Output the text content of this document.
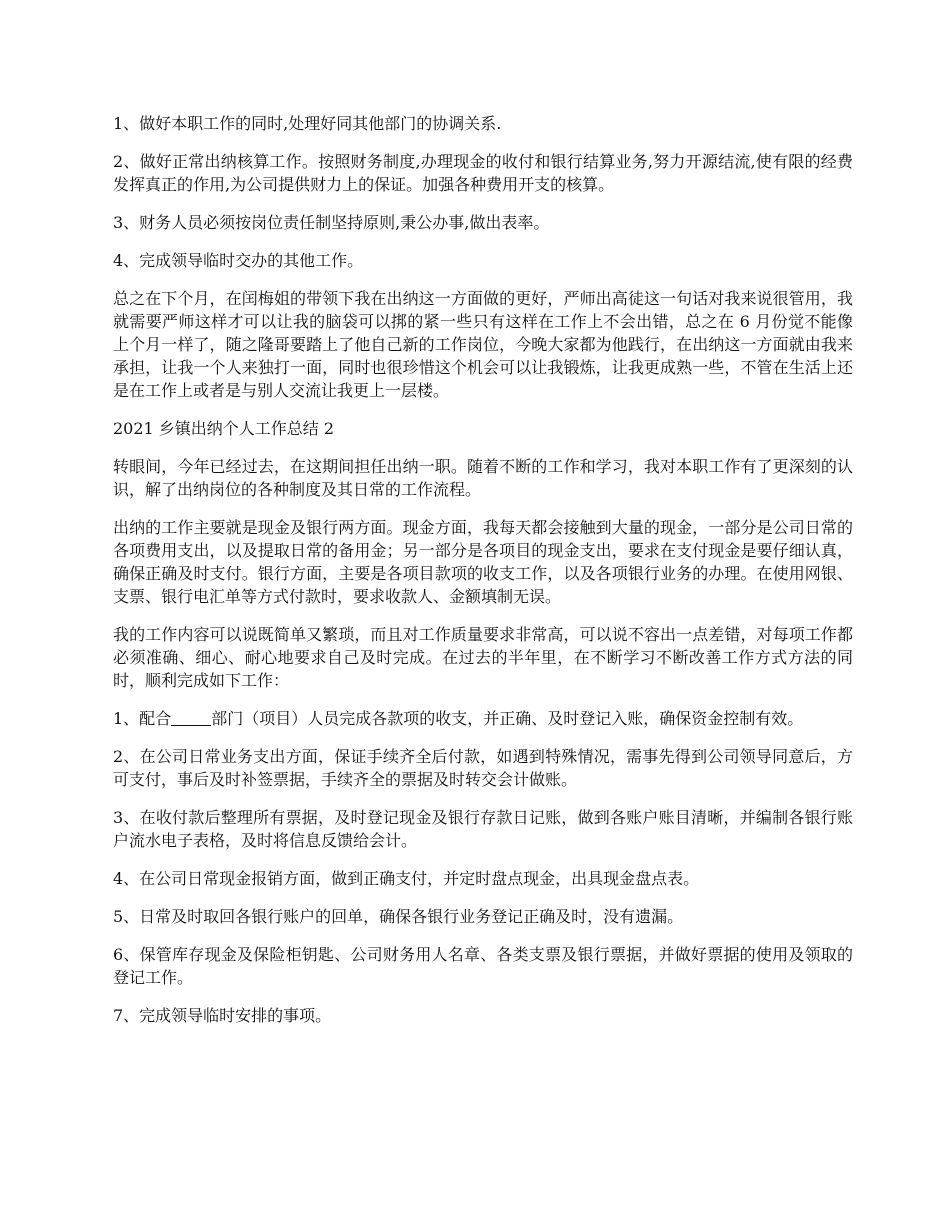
1、做好本职工作的同时,处理好同其他部门的协调关系.

2、做好正常出纳核算工作。按照财务制度,办理现金的收付和银行结算业务,努力开源结流,使有限的经费发挥真正的作用,为公司提供财力上的保证。加强各种费用开支的核算。

3、财务人员必须按岗位责任制坚持原则,秉公办事,做出表率。

4、完成领导临时交办的其他工作。

总之在下个月，在闰梅姐的带领下我在出纳这一方面做的更好，严师出高徒这一句话对我来说很管用，我就需要严师这样才可以让我的脑袋可以挷的紧一些只有这样在工作上不会出错，总之在 6 月份觉不能像上个月一样了，随之隆哥要踏上了他自己新的工作岗位，今晚大家都为他践行，在出纳这一方面就由我来承担，让我一个人来独打一面，同时也很珍惜这个机会可以让我锻炼，让我更成熟一些，不管在生活上还是在工作上或者是与别人交流让我更上一层楼。

2021 乡镇出纳个人工作总结 2

转眼间，今年已经过去，在这期间担任出纳一职。随着不断的工作和学习，我对本职工作有了更深刻的认识，解了出纳岗位的各种制度及其日常的工作流程。

出纳的工作主要就是现金及银行两方面。现金方面，我每天都会接触到大量的现金，一部分是公司日常的各项费用支出，以及提取日常的备用金；另一部分是各项目的现金支出，要求在支付现金是要仔细认真，确保正确及时支付。银行方面，主要是各项目款项的收支工作，以及各项银行业务的办理。在使用网银、支票、银行电汇单等方式付款时，要求收款人、金额填制无误。

我的工作内容可以说既简单又繁琐，而且对工作质量要求非常高，可以说不容出一点差错，对每项工作都必须准确、细心、耐心地要求自己及时完成。在过去的半年里，在不断学习不断改善工作方式方法的同时，顺利完成如下工作：

1、配合	部门（项目）人员完成各款项的收支，并正确、及时登记入账，确保资金控制有效。

2、在公司日常业务支出方面，保证手续齐全后付款，如遇到特殊情况，需事先得到公司领导同意后，方可支付，事后及时补签票据，手续齐全的票据及时转交会计做账。

3、在收付款后整理所有票据，及时登记现金及银行存款日记账，做到各账户账目清晰，并编制各银行账户流水电子表格，及时将信息反馈给会计。

4、在公司日常现金报销方面，做到正确支付，并定时盘点现金，出具现金盘点表。

5、日常及时取回各银行账户的回单，确保各银行业务登记正确及时，没有遗漏。

6、保管库存现金及保险柜钥匙、公司财务用人名章、各类支票及银行票据，并做好票据的使用及领取的登记工作。

7、完成领导临时安排的事项。
